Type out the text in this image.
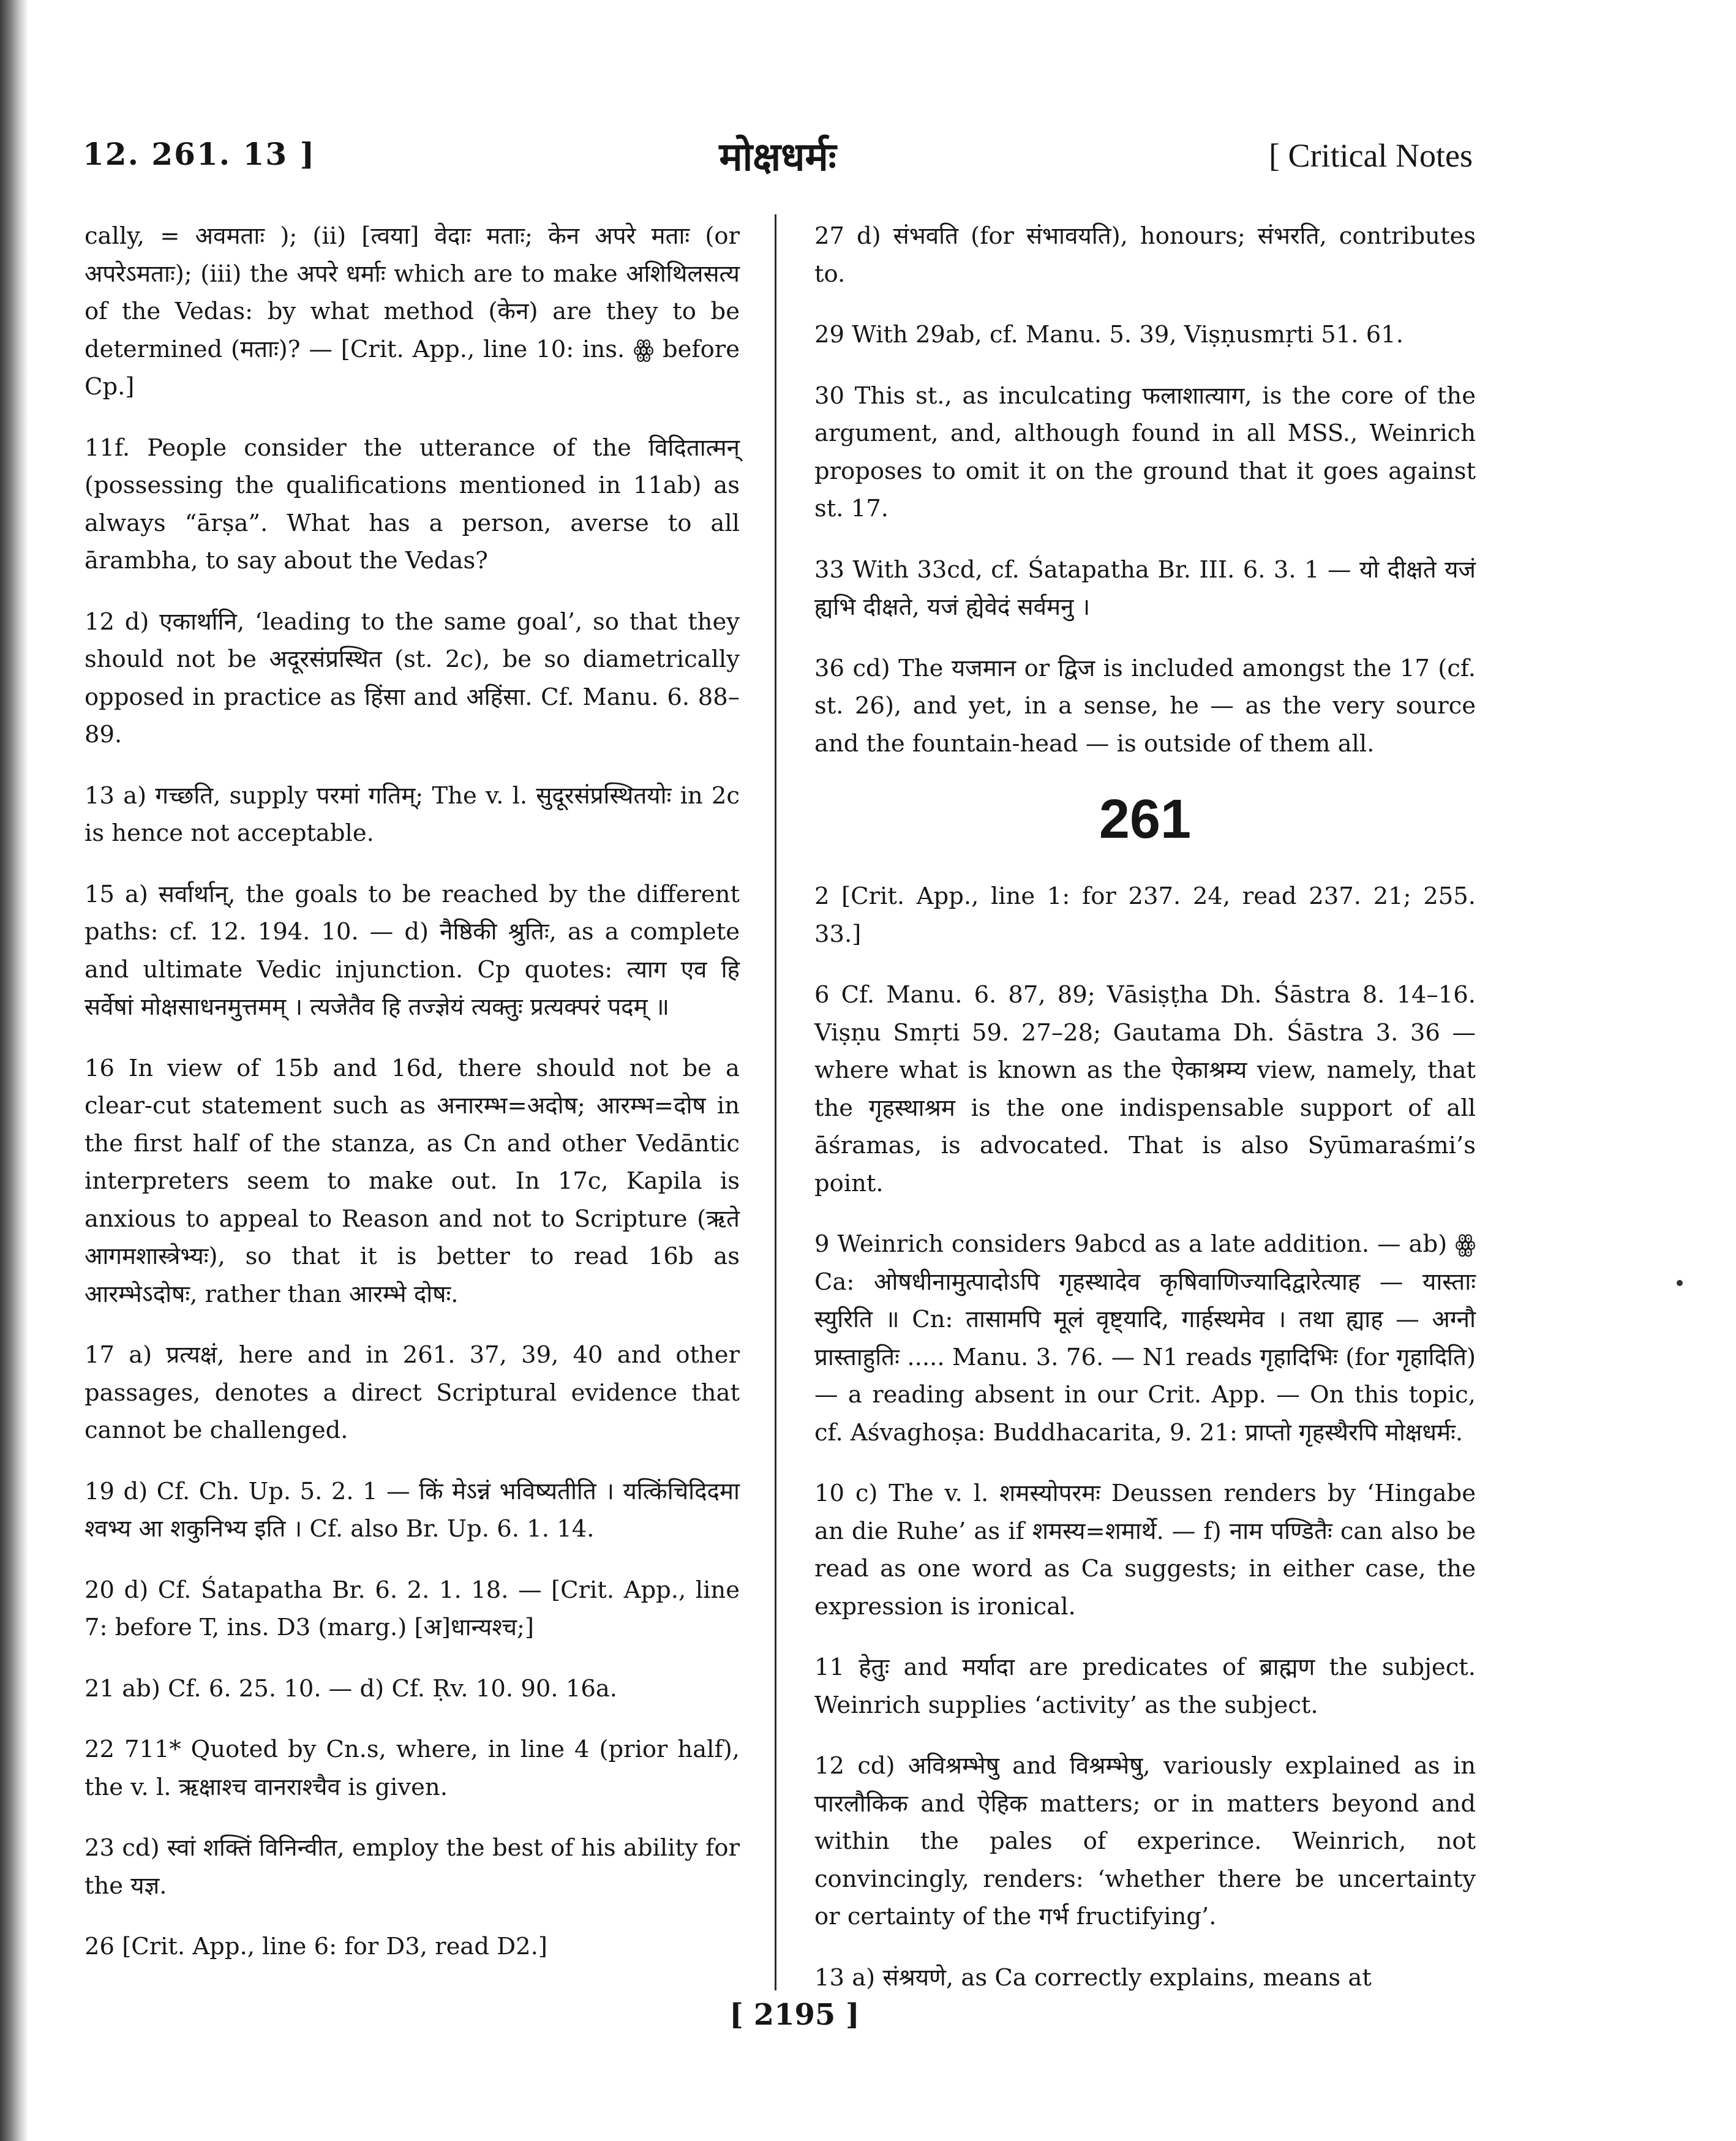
12. 261. 13 ]	मोक्षधर्मः	[ Critical Notes

cally, = अवमताः ); (ii) [त्वया] वेदाः मताः; केन अपरे मताः (or अपरेऽमताः); (iii) the अपरे धर्माः which are to make अशिथिलसत्य of the Vedas: by what method (केन) are they to be determined (मताः)? — [Crit. App., line 10: ins. ꙮ before Cp.]

11f. People consider the utterance of the विदितात्मन् (possessing the qualifications mentioned in 11ab) as always “ārṣa”. What has a person, averse to all ārambha, to say about the Vedas?

12 d) एकार्थानि, ‘leading to the same goal’, so that they should not be अदूरसंप्रस्थित (st. 2c), be so diametrically opposed in practice as हिंसा and अहिंसा. Cf. Manu. 6. 88–89.

13 a) गच्छति, supply परमां गतिम्; The v. l. सुदूरसंप्रस्थितयोः in 2c is hence not acceptable.

15 a) सर्वार्थान्, the goals to be reached by the different paths: cf. 12. 194. 10. — d) नैष्ठिकी श्रुतिः, as a complete and ultimate Vedic injunction. Cp quotes: त्याग एव हि सर्वेषां मोक्षसाधनमुत्तमम् । त्यजेतैव हि तज्ज्ञेयं त्यक्तुः प्रत्यक्परं पदम् ॥

16 In view of 15b and 16d, there should not be a clear-cut statement such as अनारम्भ=अदोष; आरम्भ=दोष in the first half of the stanza, as Cn and other Vedāntic interpreters seem to make out. In 17c, Kapila is anxious to appeal to Reason and not to Scripture (ऋते आगमशास्त्रेभ्यः), so that it is better to read 16b as आरम्भेऽदोषः, rather than आरम्भे दोषः.

17 a) प्रत्यक्षं, here and in 261. 37, 39, 40 and other passages, denotes a direct Scriptural evidence that cannot be challenged.

19 d) Cf. Ch. Up. 5. 2. 1 — किं मेऽन्नं भविष्यतीति । यत्किंचिदिदमा श्वभ्य आ शकुनिभ्य इति । Cf. also Br. Up. 6. 1. 14.

20 d) Cf. Śatapatha Br. 6. 2. 1. 18. — [Crit. App., line 7: before T, ins. D3 (marg.) [अ]धान्यश्च;]

21 ab) Cf. 6. 25. 10. — d) Cf. Ṛv. 10. 90. 16a.

22 711* Quoted by Cn.s, where, in line 4 (prior half), the v. l. ऋक्षाश्च वानराश्चैव is given.

23 cd) स्वां शक्तिं विनिन्वीत, employ the best of his ability for the यज्ञ.

26 [Crit. App., line 6: for D3, read D2.]

27 d) संभवति (for संभावयति), honours; संभरति, contributes to.

29 With 29ab, cf. Manu. 5. 39, Viṣṇusmṛti 51. 61.

30 This st., as inculcating फलाशात्याग, is the core of the argument, and, although found in all MSS., Weinrich proposes to omit it on the ground that it goes against st. 17.

33 With 33cd, cf. Śatapatha Br. III. 6. 3. 1 — यो दीक्षते यजं ह्यभि दीक्षते, यजं ह्येवेदं सर्वमनु ।

36 cd) The यजमान or द्विज is included amongst the 17 (cf. st. 26), and yet, in a sense, he — as the very source and the fountain-head — is outside of them all.

261

2 [Crit. App., line 1: for 237. 24, read 237. 21; 255. 33.]

6 Cf. Manu. 6. 87, 89; Vāsiṣṭha Dh. Śāstra 8. 14–16. Viṣṇu Smṛti 59. 27–28; Gautama Dh. Śāstra 3. 36 — where what is known as the ऐकाश्रम्य view, namely, that the गृहस्थाश्रम is the one indispensable support of all āśramas, is advocated. That is also Syūmaraśmi’s point.

9 Weinrich considers 9abcd as a late addition. — ab) ꙮ Ca: ओषधीनामुत्पादोऽपि गृहस्थादेव कृषिवाणिज्यादिद्वारेत्याह — यास्ताः स्युरिति ॥ Cn: तासामपि मूलं वृष्ट्यादि, गार्हस्थमेव । तथा ह्याह — अग्नौ प्रास्ताहुतिः ..... Manu. 3. 76. — N1 reads गृहादिभिः (for गृहादिति) — a reading absent in our Crit. App. — On this topic, cf. Aśvaghoṣa: Buddhacarita, 9. 21: प्राप्तो गृहस्थैरपि मोक्षधर्मः.

10 c) The v. l. शमस्योपरमः Deussen renders by ‘Hingabe an die Ruhe’ as if शमस्य=शमार्थे. — f) नाम पण्डितैः can also be read as one word as Ca suggests; in either case, the expression is ironical.

11 हेतुः and मर्यादा are predicates of ब्राह्मण the subject. Weinrich supplies ‘activity’ as the subject.

12 cd) अविश्रम्भेषु and विश्रम्भेषु, variously explained as in पारलौकिक and ऐहिक matters; or in matters beyond and within the pales of experince. Weinrich, not convincingly, renders: ‘whether there be uncertainty or certainty of the गर्भ fructifying’.

13 a) संश्रयणे, as Ca correctly explains, means at

[ 2195 ]
